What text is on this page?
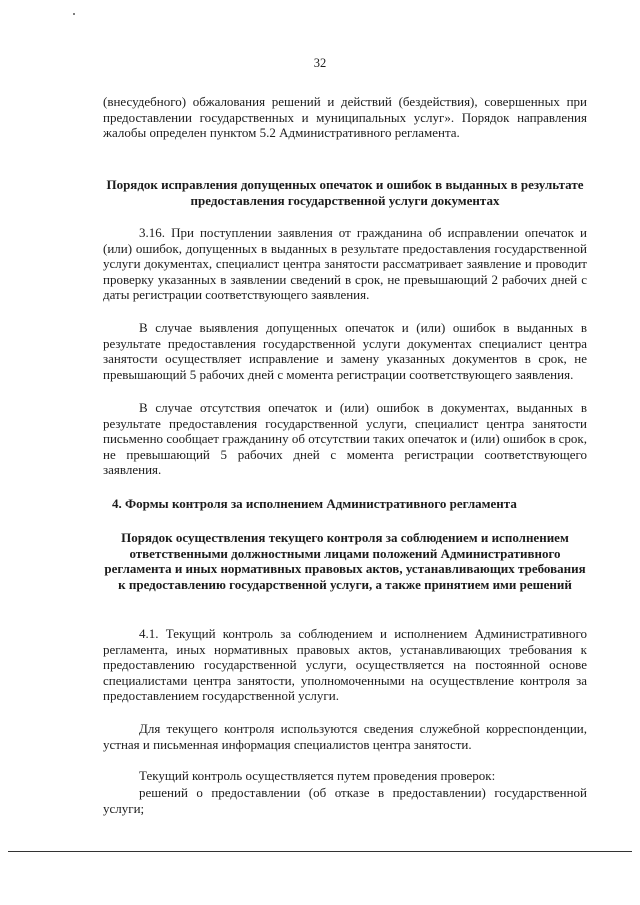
32

(внесудебного) обжалования решений и действий (бездействия), совершенных при предоставлении государственных и муниципальных услуг». Порядок направления жалобы определен пунктом 5.2 Административного регламента.

Порядок исправления допущенных опечаток и ошибок в выданных в результате предоставления государственной услуги документах

3.16. При поступлении заявления от гражданина об исправлении опечаток и (или) ошибок, допущенных в выданных в результате предоставления государственной услуги документах, специалист центра занятости рассматривает заявление и проводит проверку указанных в заявлении сведений в срок, не превышающий 2 рабочих дней с даты регистрации соответствующего заявления.

В случае выявления допущенных опечаток и (или) ошибок в выданных в результате предоставления государственной услуги документах специалист центра занятости осуществляет исправление и замену указанных документов в срок, не превышающий 5 рабочих дней с момента регистрации соответствующего заявления.

В случае отсутствия опечаток и (или) ошибок в документах, выданных в результате предоставления государственной услуги, специалист центра занятости письменно сообщает гражданину об отсутствии таких опечаток и (или) ошибок в срок, не превышающий 5 рабочих дней с момента регистрации соответствующего заявления.

4. Формы контроля за исполнением Административного регламента

Порядок осуществления текущего контроля за соблюдением и исполнением ответственными должностными лицами положений Административного регламента и иных нормативных правовых актов, устанавливающих требования к предоставлению государственной услуги, а также принятием ими решений

4.1. Текущий контроль за соблюдением и исполнением Административного регламента, иных нормативных правовых актов, устанавливающих требования к предоставлению государственной услуги, осуществляется на постоянной основе специалистами центра занятости, уполномоченными на осуществление контроля за предоставлением государственной услуги.

Для текущего контроля используются сведения служебной корреспонденции, устная и письменная информация специалистов центра занятости.

Текущий контроль осуществляется путем проведения проверок:

решений о предоставлении (об отказе в предоставлении) государственной услуги;
